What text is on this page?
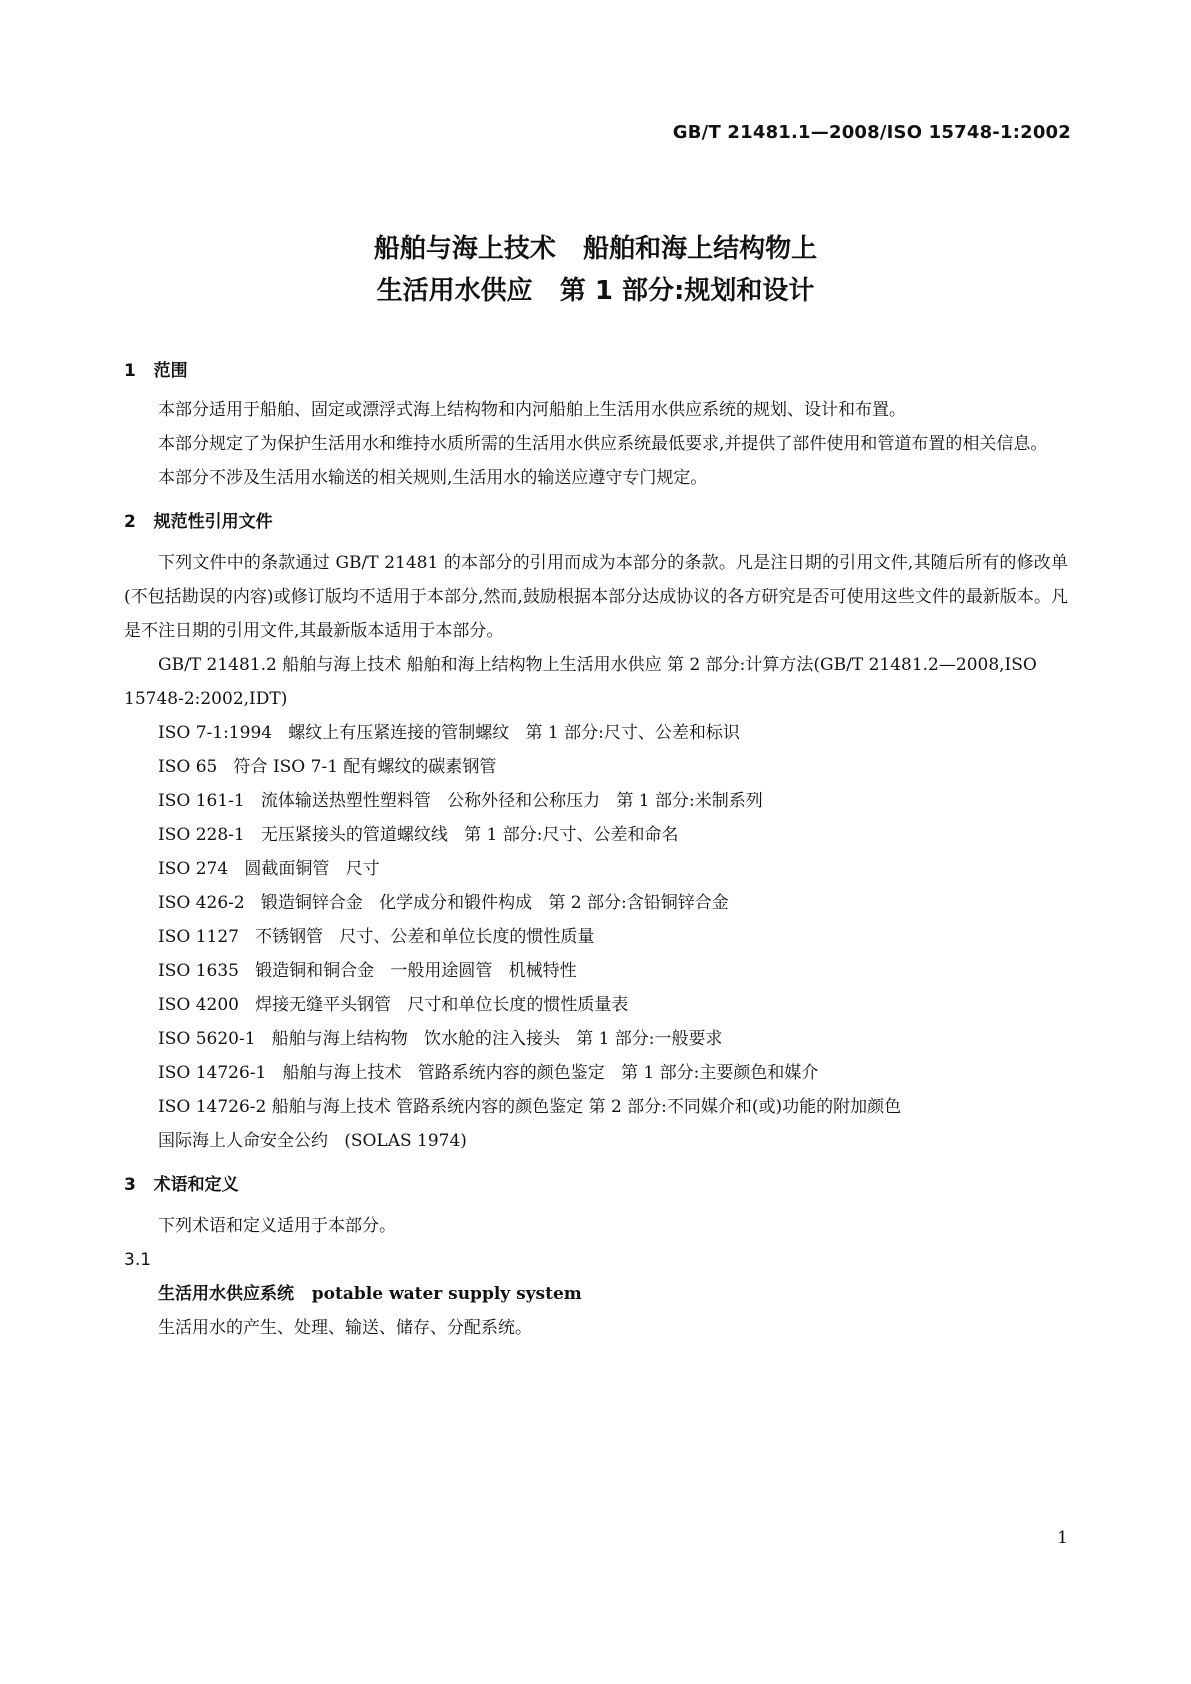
GB/T 21481.1—2008/ISO 15748-1:2002
船舶与海上技术   船舶和海上结构物上
生活用水供应   第 1 部分:规划和设计
1   范围
本部分适用于船舶、固定或漂浮式海上结构物和内河船舶上生活用水供应系统的规划、设计和布置。
本部分规定了为保护生活用水和维持水质所需的生活用水供应系统最低要求,并提供了部件使用和管道布置的相关信息。
本部分不涉及生活用水输送的相关规则,生活用水的输送应遵守专门规定。
2   规范性引用文件
下列文件中的条款通过 GB/T 21481 的本部分的引用而成为本部分的条款。凡是注日期的引用文件,其随后所有的修改单(不包括勘误的内容)或修订版均不适用于本部分,然而,鼓励根据本部分达成协议的各方研究是否可使用这些文件的最新版本。凡是不注日期的引用文件,其最新版本适用于本部分。
GB/T 21481.2 船舶与海上技术 船舶和海上结构物上生活用水供应 第 2 部分:计算方法(GB/T 21481.2—2008,ISO 15748-2:2002,IDT)
ISO 7-1:1994   螺纹上有压紧连接的管制螺纹   第 1 部分:尺寸、公差和标识
ISO 65   符合 ISO 7-1 配有螺纹的碳素钢管
ISO 161-1   流体输送热塑性塑料管   公称外径和公称压力   第 1 部分:米制系列
ISO 228-1   无压紧接头的管道螺纹线   第 1 部分:尺寸、公差和命名
ISO 274   圆截面铜管   尺寸
ISO 426-2   锻造铜锌合金   化学成分和锻件构成   第 2 部分:含铅铜锌合金
ISO 1127   不锈钢管   尺寸、公差和单位长度的惯性质量
ISO 1635   锻造铜和铜合金   一般用途圆管   机械特性
ISO 4200   焊接无缝平头钢管   尺寸和单位长度的惯性质量表
ISO 5620-1   船舶与海上结构物   饮水舱的注入接头   第 1 部分:一般要求
ISO 14726-1   船舶与海上技术   管路系统内容的颜色鉴定   第 1 部分:主要颜色和媒介
ISO 14726-2 船舶与海上技术 管路系统内容的颜色鉴定 第 2 部分:不同媒介和(或)功能的附加颜色
国际海上人命安全公约   (SOLAS 1974)
3   术语和定义
下列术语和定义适用于本部分。
3.1
生活用水供应系统 potable water supply system
生活用水的产生、处理、输送、储存、分配系统。
1
